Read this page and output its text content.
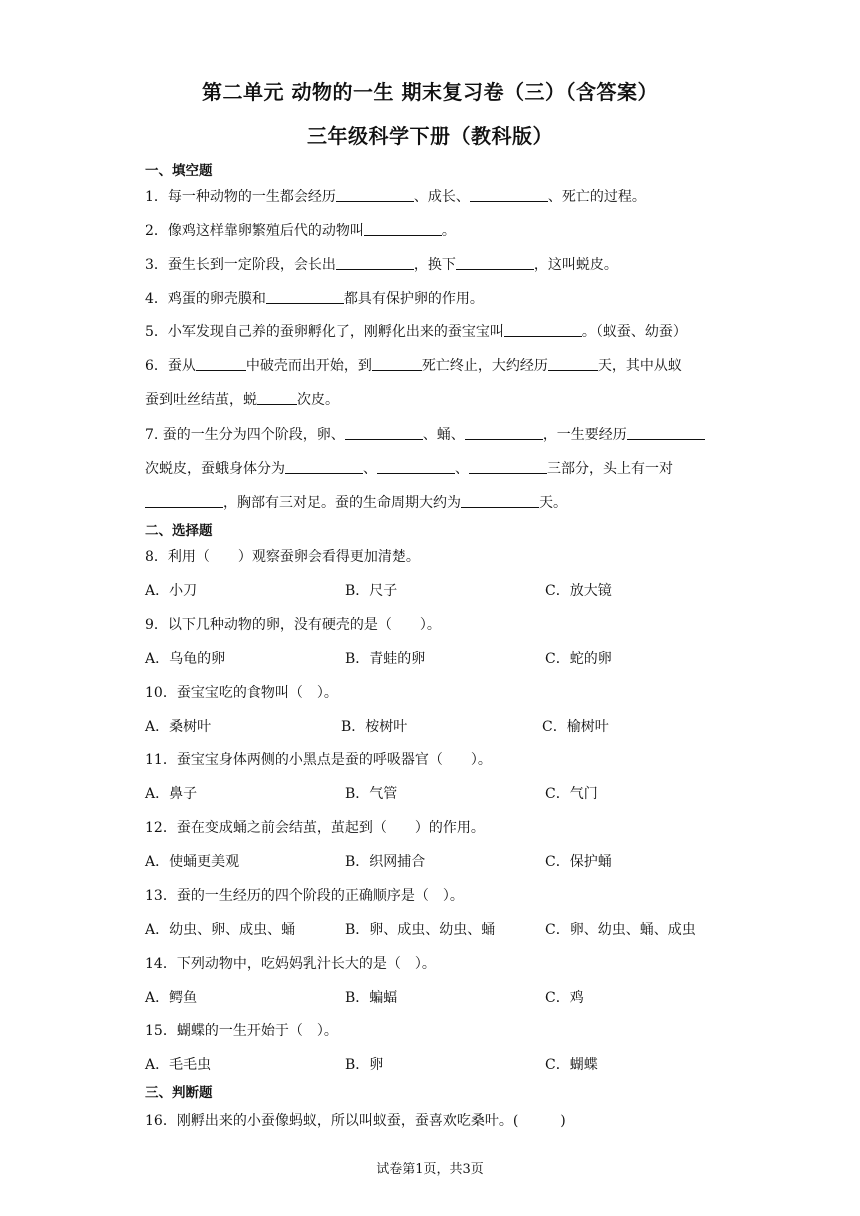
第二单元 动物的一生 期末复习卷（三）（含答案）
三年级科学下册（教科版）
一、填空题
1．每一种动物的一生都会经历	、成长、	、死亡的过程。
2．像鸡这样靠卵繁殖后代的动物叫	。
3．蚕生长到一定阶段，会长出	，换下	，这叫蜕皮。
4．鸡蛋的卵壳膜和	都具有保护卵的作用。
5．小军发现自己养的蚕卵孵化了，刚孵化出来的蚕宝宝叫	。（蚁蚕、幼蚕）
6．蚕从	中破壳而出开始，到	死亡终止，大约经历	天，其中从蚁
蚕到吐丝结茧，蜕	次皮。
7. 蚕的一生分为四个阶段，卵、	、蛹、	，一生要经历
次蜕皮，蚕蛾身体分为	、	、	三部分，头上有一对
，胸部有三对足。蚕的生命周期大约为	天。
二、选择题
8．利用（　　）观察蚕卵会看得更加清楚。
A．小刀	B．尺子	C．放大镜
9．以下几种动物的卵，没有硬壳的是（　　）。
A．乌龟的卵	B．青蛙的卵	C．蛇的卵
10．蚕宝宝吃的食物叫（　）。
A．桑树叶	B．桉树叶	C．榆树叶
11．蚕宝宝身体两侧的小黑点是蚕的呼吸器官（　　）。
A．鼻子	B．气管	C．气门
12．蚕在变成蛹之前会结茧，茧起到（　　）的作用。
A．使蛹更美观	B．织网捕合	C．保护蛹
13．蚕的一生经历的四个阶段的正确顺序是（　）。
A．幼虫、卵、成虫、蛹	B．卵、成虫、幼虫、蛹	C．卵、幼虫、蛹、成虫
14．下列动物中，吃妈妈乳汁长大的是（　）。
A．鳄鱼	B．蝙蝠	C．鸡
15．蝴蝶的一生开始于（　）。
A．毛毛虫	B．卵	C．蝴蝶
三、判断题
16．刚孵出来的小蚕像蚂蚁，所以叫蚁蚕，蚕喜欢吃桑叶。(　　　)
试卷第1页，共3页
